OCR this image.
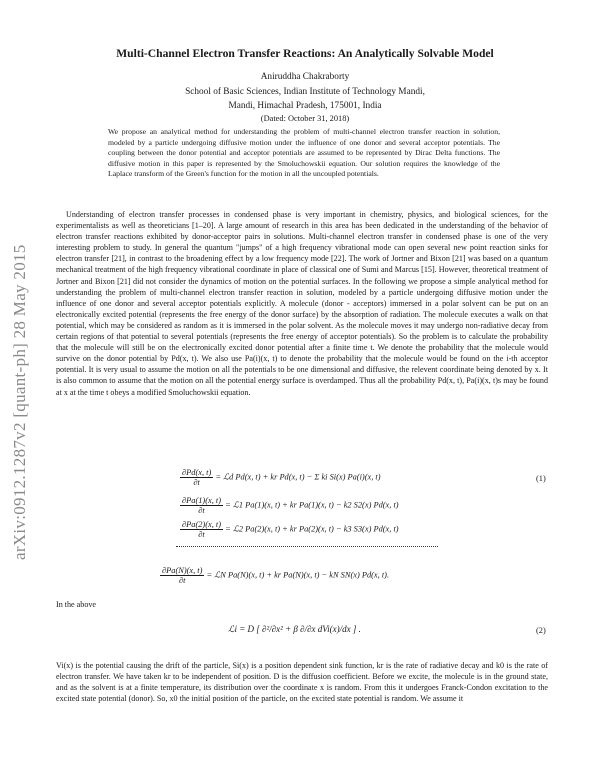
arXiv:0912.1287v2 [quant-ph] 28 May 2015
Multi-Channel Electron Transfer Reactions: An Analytically Solvable Model
Aniruddha Chakraborty
School of Basic Sciences, Indian Institute of Technology Mandi,
Mandi, Himachal Pradesh, 175001, India
(Dated: October 31, 2018)
We propose an analytical method for understanding the problem of multi-channel electron transfer reaction in solution, modeled by a particle undergoing diffusive motion under the influence of one donor and several acceptor potentials. The coupling between the donor potential and acceptor potentials are assumed to be represented by Dirac Delta functions. The diffusive motion in this paper is represented by the Smoluchowskii equation. Our solution requires the knowledge of the Laplace transform of the Green's function for the motion in all the uncoupled potentials.

Understanding of electron transfer processes in condensed phase is very important in chemistry, physics, and biological sciences, for the experimentalists as well as theoreticians [1–20]. A large amount of research in this area has been dedicated in the understanding of the behavior of electron transfer reactions exhibited by donor-acceptor pairs in solutions. Multi-channel electron transfer in condensed phase is one of the very interesting problem to study. In general the quantum "jumps" of a high frequency vibrational mode can open several new point reaction sinks for electron transfer [21], in contrast to the broadening effect by a low frequency mode [22]. The work of Jortner and Bixon [21] was based on a quantum mechanical treatment of the high frequency vibrational coordinate in place of classical one of Sumi and Marcus [15]. However, theoretical treatment of Jortner and Bixon [21] did not consider the dynamics of motion on the potential surfaces. In the following we propose a simple analytical method for understanding the problem of multi-channel electron transfer reaction in solution, modeled by a particle undergoing diffusive motion under the influence of one donor and several acceptor potentials explicitly. A molecule (donor - acceptors) immersed in a polar solvent can be put on an electronically excited potential (represents the free energy of the donor surface) by the absorption of radiation. The molecule executes a walk on that potential, which may be considered as random as it is immersed in the polar solvent. As the molecule moves it may undergo non-radiative decay from certain regions of that potential to several potentials (represents the free energy of acceptor potentials). So the problem is to calculate the probability that the molecule will still be on the electronically excited donor potential after a finite time t. We denote the probability that the molecule would survive on the donor potential by Pd(x, t). We also use Pa(i)(x, t) to denote the probability that the molecule would be found on the i-th acceptor potential. It is very usual to assume the motion on all the potentials to be one dimensional and diffusive, the relevent coordinate being denoted by x. It is also common to assume that the motion on all the potential energy surface is overdamped. Thus all the probability Pd(x, t), Pa(i)(x, t)s may be found at x at the time t obeys a modified Smoluchowskii equation.

$\frac{\partial Pd(x, t)}{\partial t}$ = ℒd Pd(x, t) + kr Pd(x, t) − Σ ki Si(x) Pa(i)(x, t)	(1)
$\frac{\partial Pa(1)(x, t)}{\partial t}$ = ℒ1 Pa(1)(x, t) + kr Pa(1)(x, t) − k2 S2(x) Pd(x, t)
$\frac{\partial Pa(2)(x, t)}{\partial t}$ = ℒ2 Pa(2)(x, t) + kr Pa(2)(x, t) − k3 S3(x) Pd(x, t)
$\frac{\partial Pa(N)(x, t)}{\partial t}$ = ℒN Pa(N)(x, t) + kr Pa(N)(x, t) − kN SN(x) Pd(x, t).
In the above
ℒi = D [ ∂²/∂x² + β ∂/∂x dVi(x)/dx ] .	(2)

Vi(x) is the potential causing the drift of the particle, Si(x) is a position dependent sink function, kr is the rate of radiative decay and k0 is the rate of electron transfer. We have taken kr to be independent of position. D is the diffusion coefficient. Before we excite, the molecule is in the ground state, and as the solvent is at a finite temperature, its distribution over the coordinate x is random. From this it undergoes Franck-Condon excitation to the excited state potential (donor). So, x0 the initial position of the particle, on the excited state potential is random. We assume it
